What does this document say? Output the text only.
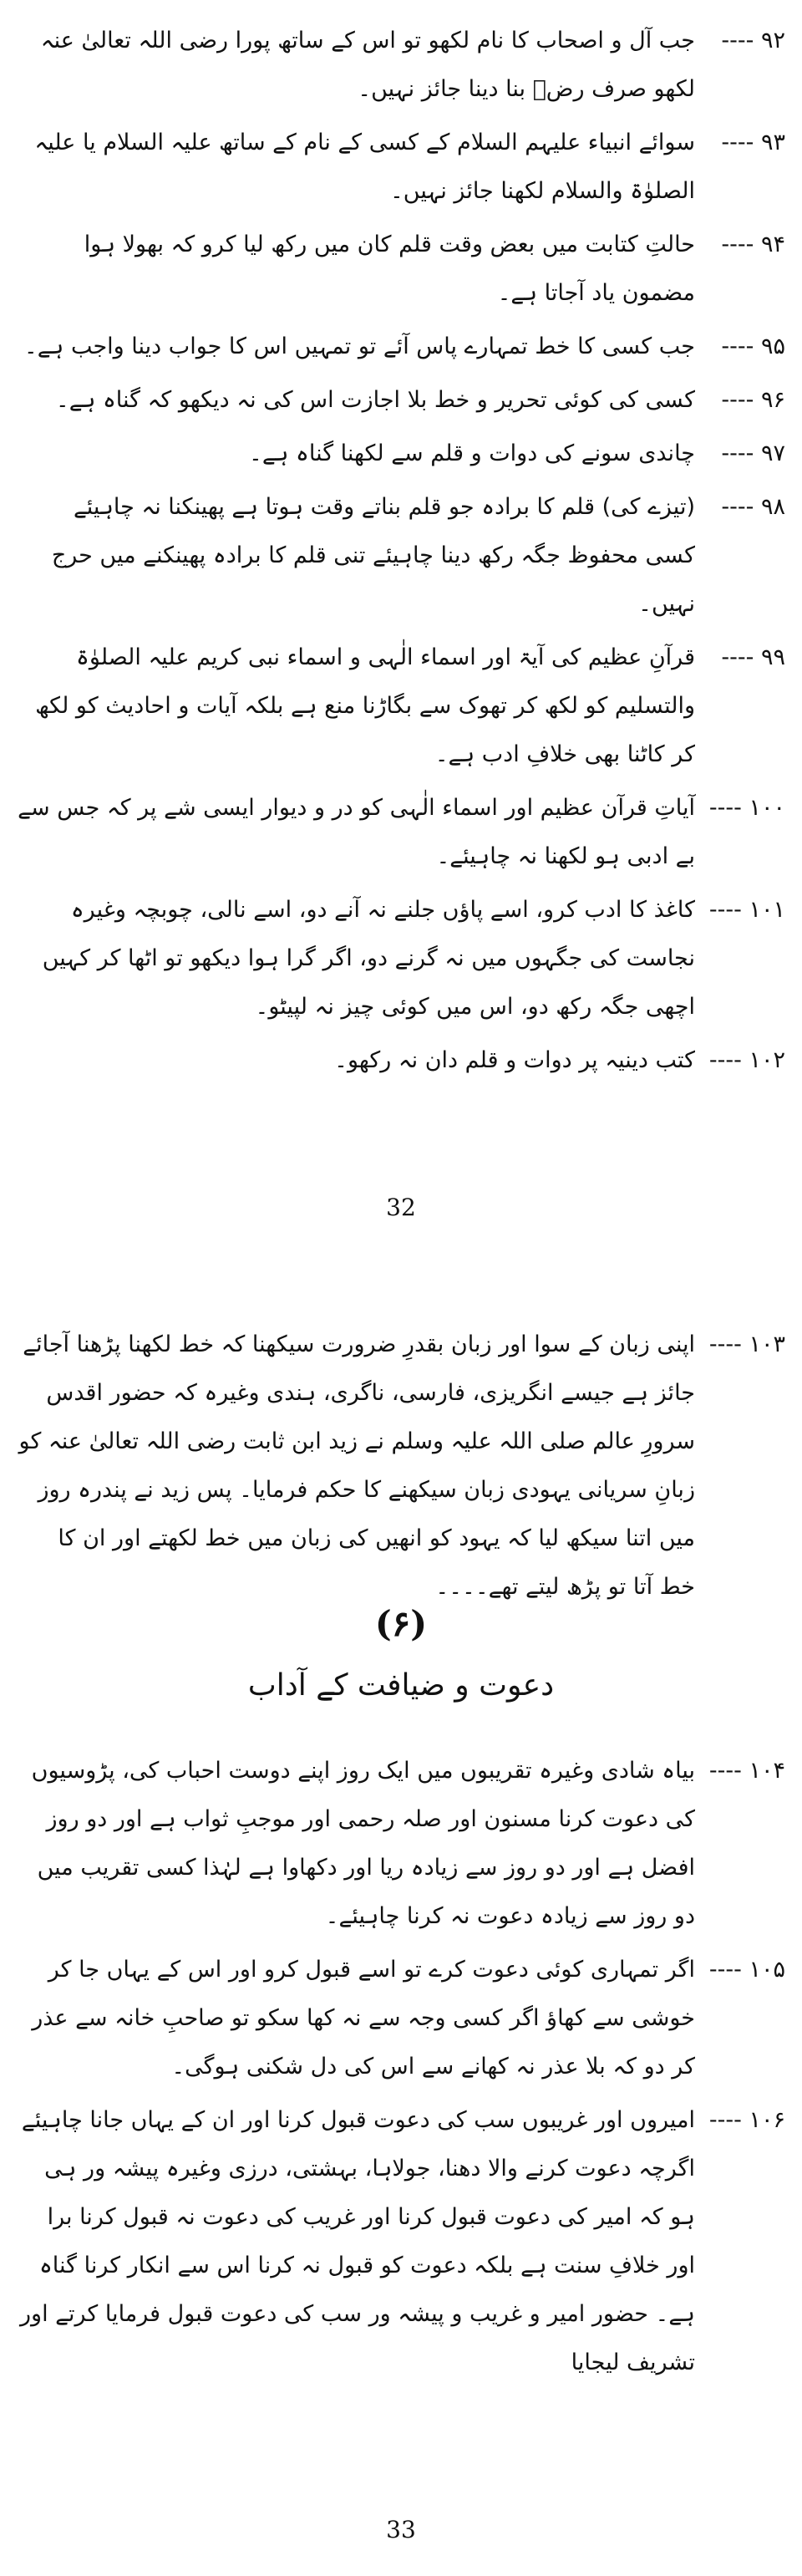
۹۲ ----
جب آل و اصحاب کا نام لکھو تو اس کے ساتھ پورا رضی اللہ تعالیٰ عنہ لکھو صرف رضؓ بنا دینا جائز نہیں۔
۹۳ ----
سوائے انبیاء علیہم السلام کے کسی کے نام کے ساتھ علیہ السلام یا علیہ الصلوٰۃ والسلام لکھنا جائز نہیں۔
۹۴ ----
حالتِ کتابت میں بعض وقت قلم کان میں رکھ لیا کرو کہ بھولا ہوا مضمون یاد آجاتا ہے۔
۹۵ ----
جب کسی کا خط تمہارے پاس آئے تو تمہیں اس کا جواب دینا واجب ہے۔
۹۶ ----
کسی کی کوئی تحریر و خط بلا اجازت اس کی نہ دیکھو کہ گناہ ہے۔
۹۷ ----
چاندی سونے کی دوات و قلم سے لکھنا گناہ ہے۔
۹۸ ----
(تیزے کی) قلم کا برادہ جو قلم بناتے وقت ہوتا ہے پھینکنا نہ چاہیئے کسی محفوظ جگہ رکھ دینا چاہیئے تنی قلم کا برادہ پھینکنے میں حرج نہیں۔
۹۹ ----
قرآنِ عظیم کی آیۃ اور اسماء الٰہی و اسماء نبی کریم علیہ الصلوٰۃ والتسلیم کو لکھ کر تھوک سے بگاڑنا منع ہے بلکہ آیات و احادیث کو لکھ کر کاٹنا بھی خلافِ ادب ہے۔
۱۰۰ ----
آیاتِ قرآن عظیم اور اسماء الٰہی کو در و دیوار ایسی شے پر کہ جس سے بے ادبی ہو لکھنا نہ چاہیئے۔
۱۰۱ ----
کاغذ کا ادب کرو، اسے پاؤں جلنے نہ آنے دو، اسے نالی، چوبچہ وغیرہ نجاست کی جگہوں میں نہ گرنے دو، اگر گرا ہوا دیکھو تو اٹھا کر کہیں اچھی جگہ رکھ دو، اس میں کوئی چیز نہ لپیٹو۔
۱۰۲ ----
کتب دینیہ پر دوات و قلم دان نہ رکھو۔
32
۱۰۳ ----
اپنی زبان کے سوا اور زبان بقدرِ ضرورت سیکھنا کہ خط لکھنا پڑھنا آجائے جائز ہے جیسے انگریزی، فارسی، ناگری، ہندی وغیرہ کہ حضور اقدس سرورِ عالم صلی اللہ علیہ وسلم نے زید ابن ثابت رضی اللہ تعالیٰ عنہ کو زبانِ سریانی یہودی زبان سیکھنے کا حکم فرمایا۔ پس زید نے پندرہ روز میں اتنا سیکھ لیا کہ یہود کو انھیں کی زبان میں خط لکھتے اور ان کا خط آتا تو پڑھ لیتے تھے۔۔۔۔
(۶)
دعوت و ضیافت کے آداب
۱۰۴ ----
بیاہ شادی وغیرہ تقریبوں میں ایک روز اپنے دوست احباب کی، پڑوسیوں کی دعوت کرنا مسنون اور صلہ رحمی اور موجبِ ثواب ہے اور دو روز افضل ہے اور دو روز سے زیادہ ریا اور دکھاوا ہے لہٰذا کسی تقریب میں دو روز سے زیادہ دعوت نہ کرنا چاہیئے۔
۱۰۵ ----
اگر تمہاری کوئی دعوت کرے تو اسے قبول کرو اور اس کے یہاں جا کر خوشی سے کھاؤ اگر کسی وجہ سے نہ کھا سکو تو صاحبِ خانہ سے عذر کر دو کہ بلا عذر نہ کھانے سے اس کی دل شکنی ہوگی۔
۱۰۶ ----
امیروں اور غریبوں سب کی دعوت قبول کرنا اور ان کے یہاں جانا چاہیئے اگرچہ دعوت کرنے والا دھنا، جولاہا، بہشتی، درزی وغیرہ پیشہ ور ہی ہو کہ امیر کی دعوت قبول کرنا اور غریب کی دعوت نہ قبول کرنا برا اور خلافِ سنت ہے بلکہ دعوت کو قبول نہ کرنا اس سے انکار کرنا گناہ ہے۔ حضور امیر و غریب و پیشہ ور سب کی دعوت قبول فرمایا کرتے اور تشریف لیجایا
33
